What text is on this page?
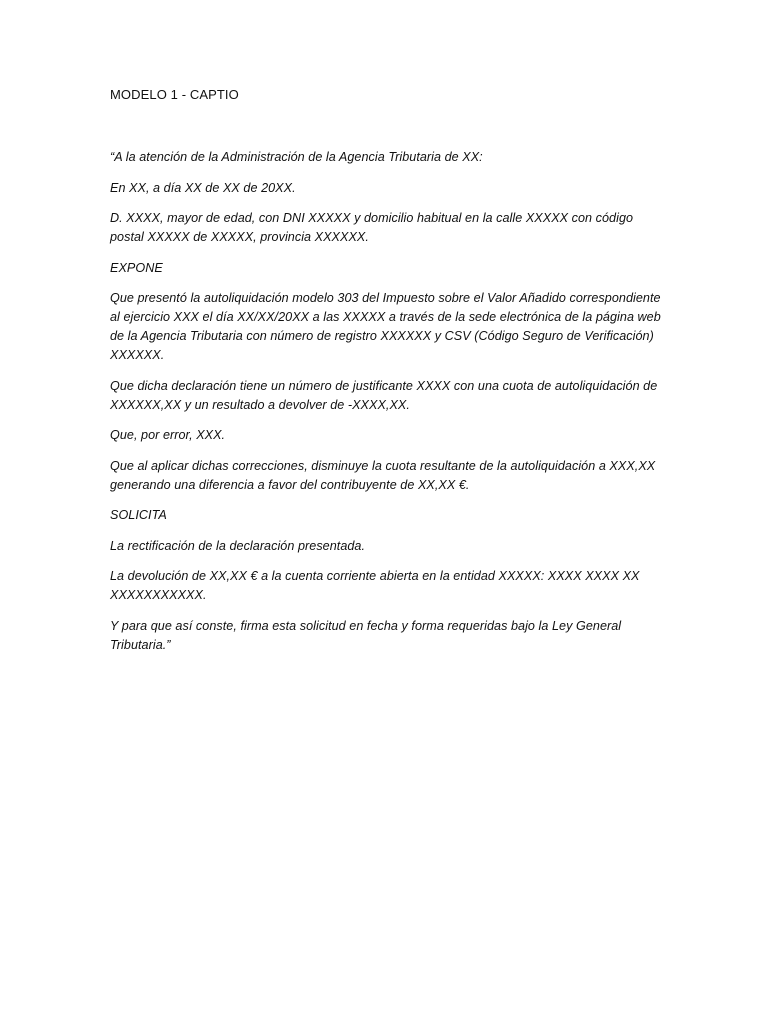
MODELO 1 - CAPTIO

“A la atención de la Administración de la Agencia Tributaria de XX:

En XX, a día XX de XX de 20XX.

D. XXXX, mayor de edad, con DNI XXXXX y domicilio habitual en la calle XXXXX con código postal XXXXX de XXXXX, provincia XXXXXX.

EXPONE

Que presentó la autoliquidación modelo 303 del Impuesto sobre el Valor Añadido correspondiente al ejercicio XXX el día XX/XX/20XX a las XXXXX a través de la sede electrónica de la página web de la Agencia Tributaria con número de registro XXXXXX y CSV (Código Seguro de Verificación) XXXXXX.

Que dicha declaración tiene un número de justificante XXXX con una cuota de autoliquidación de XXXXXX,XX y un resultado a devolver de -XXXX,XX.

Que, por error, XXX.

Que al aplicar dichas correcciones, disminuye la cuota resultante de la autoliquidación a XXX,XX generando una diferencia a favor del contribuyente de XX,XX €.

SOLICITA

La rectificación de la declaración presentada.

La devolución de XX,XX € a la cuenta corriente abierta en la entidad XXXXX: XXXX XXXX XX XXXXXXXXXXX.

Y para que así conste, firma esta solicitud en fecha y forma requeridas bajo la Ley General Tributaria.”
